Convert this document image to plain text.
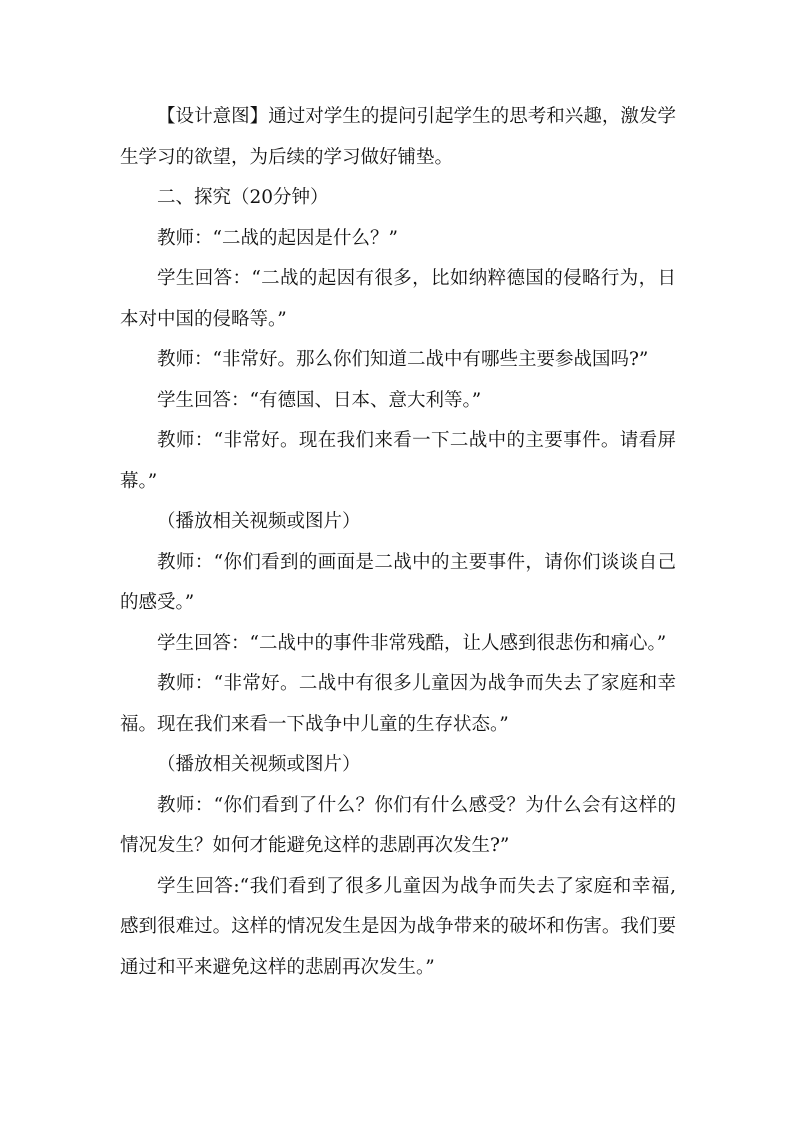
【设计意图】通过对学生的提问引起学生的思考和兴趣，激发学生学习的欲望，为后续的学习做好铺垫。

二、探究（20分钟）

教师：“二战的起因是什么？”

学生回答：“二战的起因有很多，比如纳粹德国的侵略行为，日本对中国的侵略等。”

教师：“非常好。那么你们知道二战中有哪些主要参战国吗?”

学生回答：“有德国、日本、意大利等。”

教师：“非常好。现在我们来看一下二战中的主要事件。请看屏幕。”

（播放相关视频或图片）

教师：“你们看到的画面是二战中的主要事件，请你们谈谈自己的感受。”

学生回答：“二战中的事件非常残酷，让人感到很悲伤和痛心。”

教师：“非常好。二战中有很多儿童因为战争而失去了家庭和幸福。现在我们来看一下战争中儿童的生存状态。”

（播放相关视频或图片）

教师：“你们看到了什么？你们有什么感受？为什么会有这样的情况发生？如何才能避免这样的悲剧再次发生?”

学生回答:“我们看到了很多儿童因为战争而失去了家庭和幸福,感到很难过。这样的情况发生是因为战争带来的破坏和伤害。我们要通过和平来避免这样的悲剧再次发生。”
